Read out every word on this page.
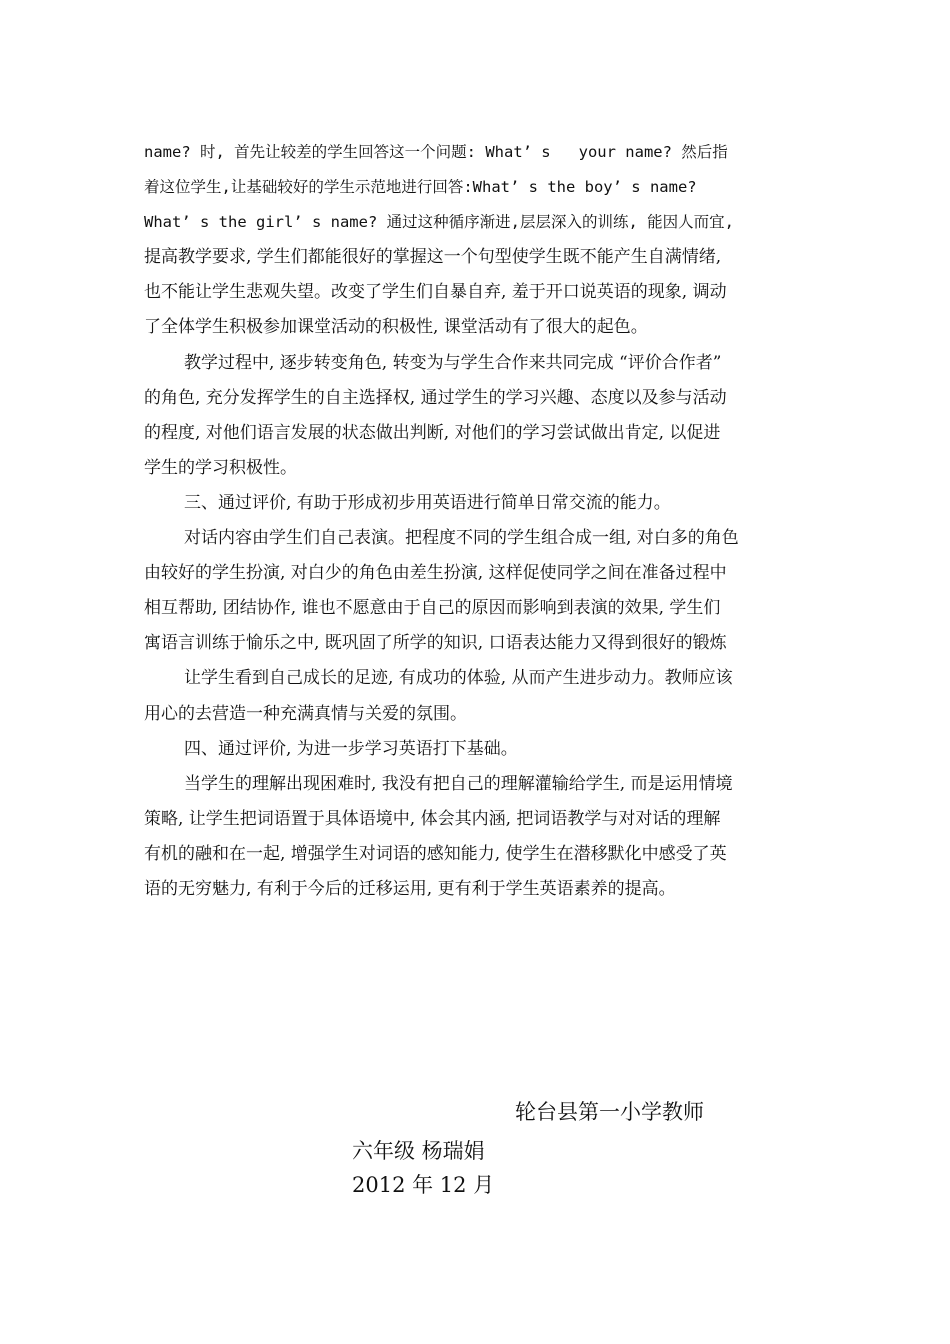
name? 时, 首先让较差的学生回答这一个问题: What’ s   your name? 然后指
着这位学生,让基础较好的学生示范地进行回答:What’ s the boy’ s name?
What’ s the girl’ s name? 通过这种循序渐进,层层深入的训练, 能因人而宜,
提高教学要求, 学生们都能很好的掌握这一个句型使学生既不能产生自满情绪,
也不能让学生悲观失望。改变了学生们自暴自弃, 羞于开口说英语的现象, 调动
了全体学生积极参加课堂活动的积极性, 课堂活动有了很大的起色。
教学过程中, 逐步转变角色, 转变为与学生合作来共同完成 “评价合作者”
的角色, 充分发挥学生的自主选择权, 通过学生的学习兴趣、态度以及参与活动
的程度, 对他们语言发展的状态做出判断, 对他们的学习尝试做出肯定, 以促进
学生的学习积极性。
三、通过评价, 有助于形成初步用英语进行简单日常交流的能力。
对话内容由学生们自己表演。把程度不同的学生组合成一组, 对白多的角色
由较好的学生扮演, 对白少的角色由差生扮演, 这样促使同学之间在准备过程中
相互帮助, 团结协作, 谁也不愿意由于自己的原因而影响到表演的效果, 学生们
寓语言训练于愉乐之中, 既巩固了所学的知识, 口语表达能力又得到很好的锻炼
让学生看到自己成长的足迹, 有成功的体验, 从而产生进步动力。教师应该
用心的去营造一种充满真情与关爱的氛围。
四、通过评价, 为进一步学习英语打下基础。
当学生的理解出现困难时, 我没有把自己的理解灌输给学生, 而是运用情境
策略, 让学生把词语置于具体语境中, 体会其内涵, 把词语教学与对对话的理解
有机的融和在一起, 增强学生对词语的感知能力, 使学生在潜移默化中感受了英
语的无穷魅力, 有利于今后的迁移运用, 更有利于学生英语素养的提高。
轮台县第一小学教师
六年级 杨瑞娟
2012 年 12 月
